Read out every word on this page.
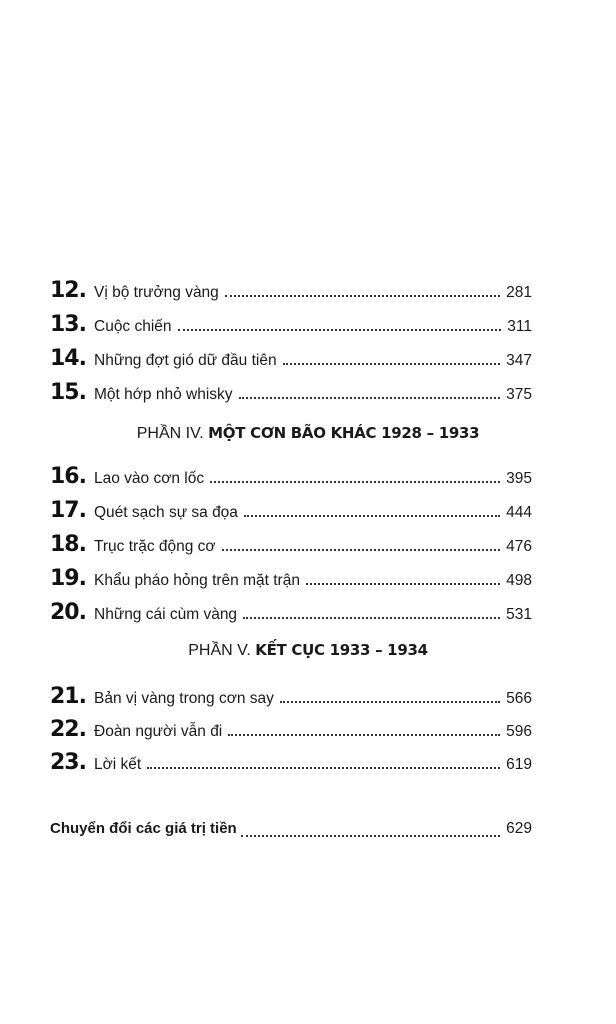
12. Vị bộ trưởng vàng	281
13. Cuộc chiến	311
14. Những đợt gió dữ đầu tiên	347
15. Một hớp nhỏ whisky	375
PHẦN IV. MỘT CƠN BÃO KHÁC 1928 – 1933
16. Lao vào cơn lốc	395
17. Quét sạch sự sa đọa	444
18. Trục trặc động cơ	476
19. Khẩu pháo hỏng trên mặt trận	498
20. Những cái cùm vàng	531
PHẦN V. KẾT CỤC 1933 – 1934
21. Bản vị vàng trong cơn say	566
22. Đoàn người vẫn đi	596
23. Lời kết	619
Chuyển đổi các giá trị tiền	629
